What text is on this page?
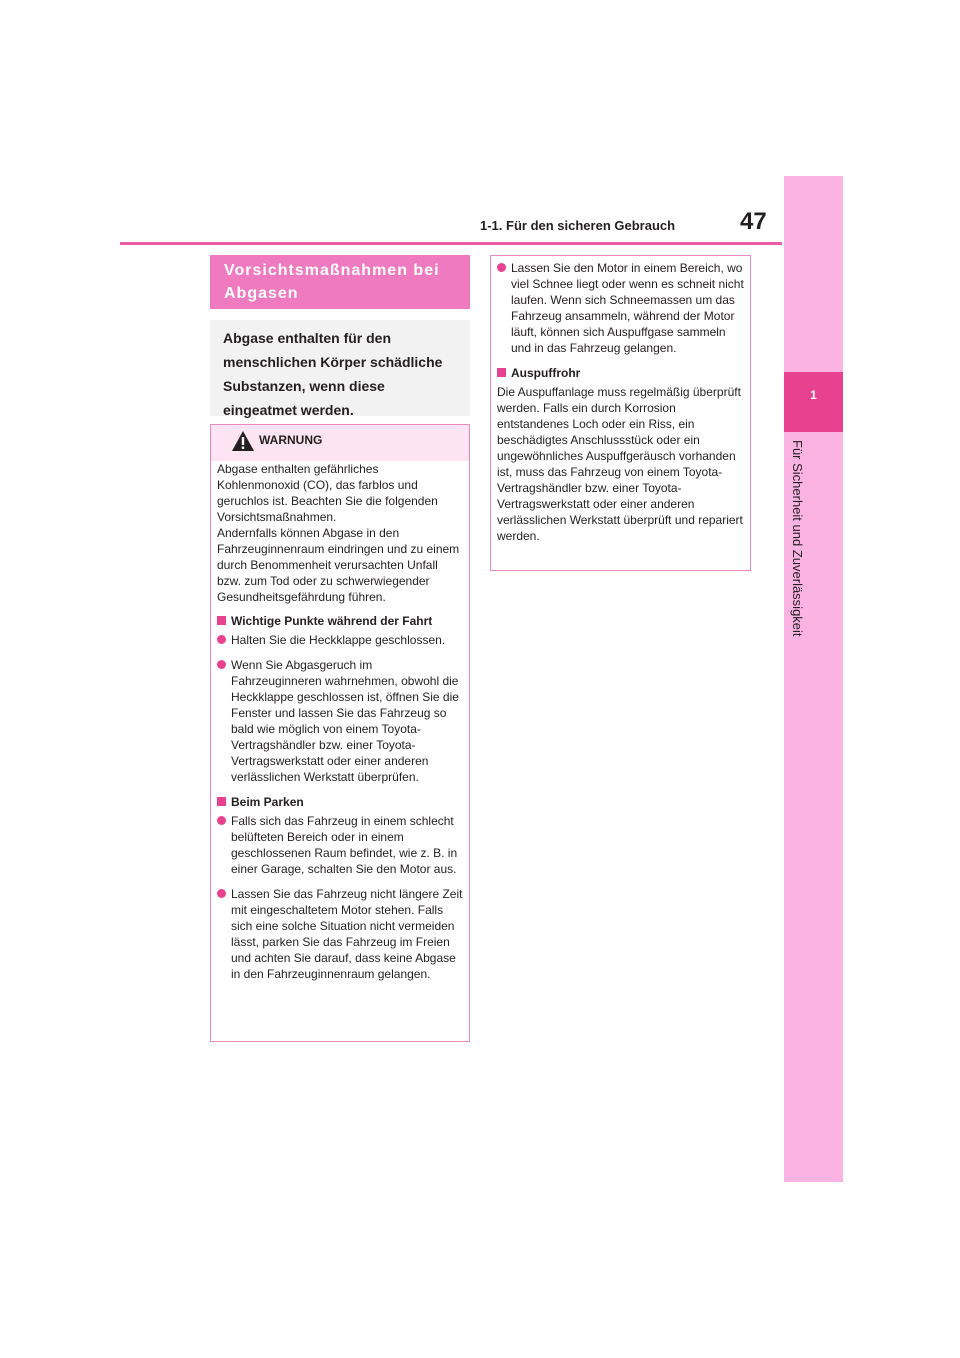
1-1. Für den sicheren Gebrauch	47
1
Für Sicherheit und Zuverlässigkeit
Vorsichtsmaßnahmen bei
Abgasen

Abgase enthalten für den menschlichen Körper schädliche Substanzen, wenn diese eingeatmet werden.

WARNUNG

Abgase enthalten gefährliches Kohlenmonoxid (CO), das farblos und geruchlos ist. Beachten Sie die folgenden Vorsichtsmaßnahmen.

Andernfalls können Abgase in den Fahrzeuginnenraum eindringen und zu einem durch Benommenheit verursachten Unfall bzw. zum Tod oder zu schwerwiegender Gesundheitsgefährdung führen.

Wichtige Punkte während der Fahrt
Halten Sie die Heckklappe geschlossen.
Wenn Sie Abgasgeruch im Fahrzeuginneren wahrnehmen, obwohl die Heckklappe geschlossen ist, öffnen Sie die Fenster und lassen Sie das Fahrzeug so bald wie möglich von einem Toyota-Vertragshändler bzw. einer Toyota-Vertragswerkstatt oder einer anderen verlässlichen Werkstatt überprüfen.
Beim Parken
Falls sich das Fahrzeug in einem schlecht belüfteten Bereich oder in einem geschlossenen Raum befindet, wie z. B. in einer Garage, schalten Sie den Motor aus.
Lassen Sie das Fahrzeug nicht längere Zeit mit eingeschaltetem Motor stehen. Falls sich eine solche Situation nicht vermeiden lässt, parken Sie das Fahrzeug im Freien und achten Sie darauf, dass keine Abgase in den Fahrzeuginnenraum gelangen.
Lassen Sie den Motor in einem Bereich, wo viel Schnee liegt oder wenn es schneit nicht laufen. Wenn sich Schneemassen um das Fahrzeug ansammeln, während der Motor läuft, können sich Auspuffgase sammeln und in das Fahrzeug gelangen.
Auspuffrohr

Die Auspuffanlage muss regelmäßig überprüft werden. Falls ein durch Korrosion entstandenes Loch oder ein Riss, ein beschädigtes Anschlussstück oder ein ungewöhnliches Auspuffgeräusch vorhanden ist, muss das Fahrzeug von einem Toyota-Vertragshändler bzw. einer Toyota-Vertragswerkstatt oder einer anderen verlässlichen Werkstatt überprüft und repariert werden.
